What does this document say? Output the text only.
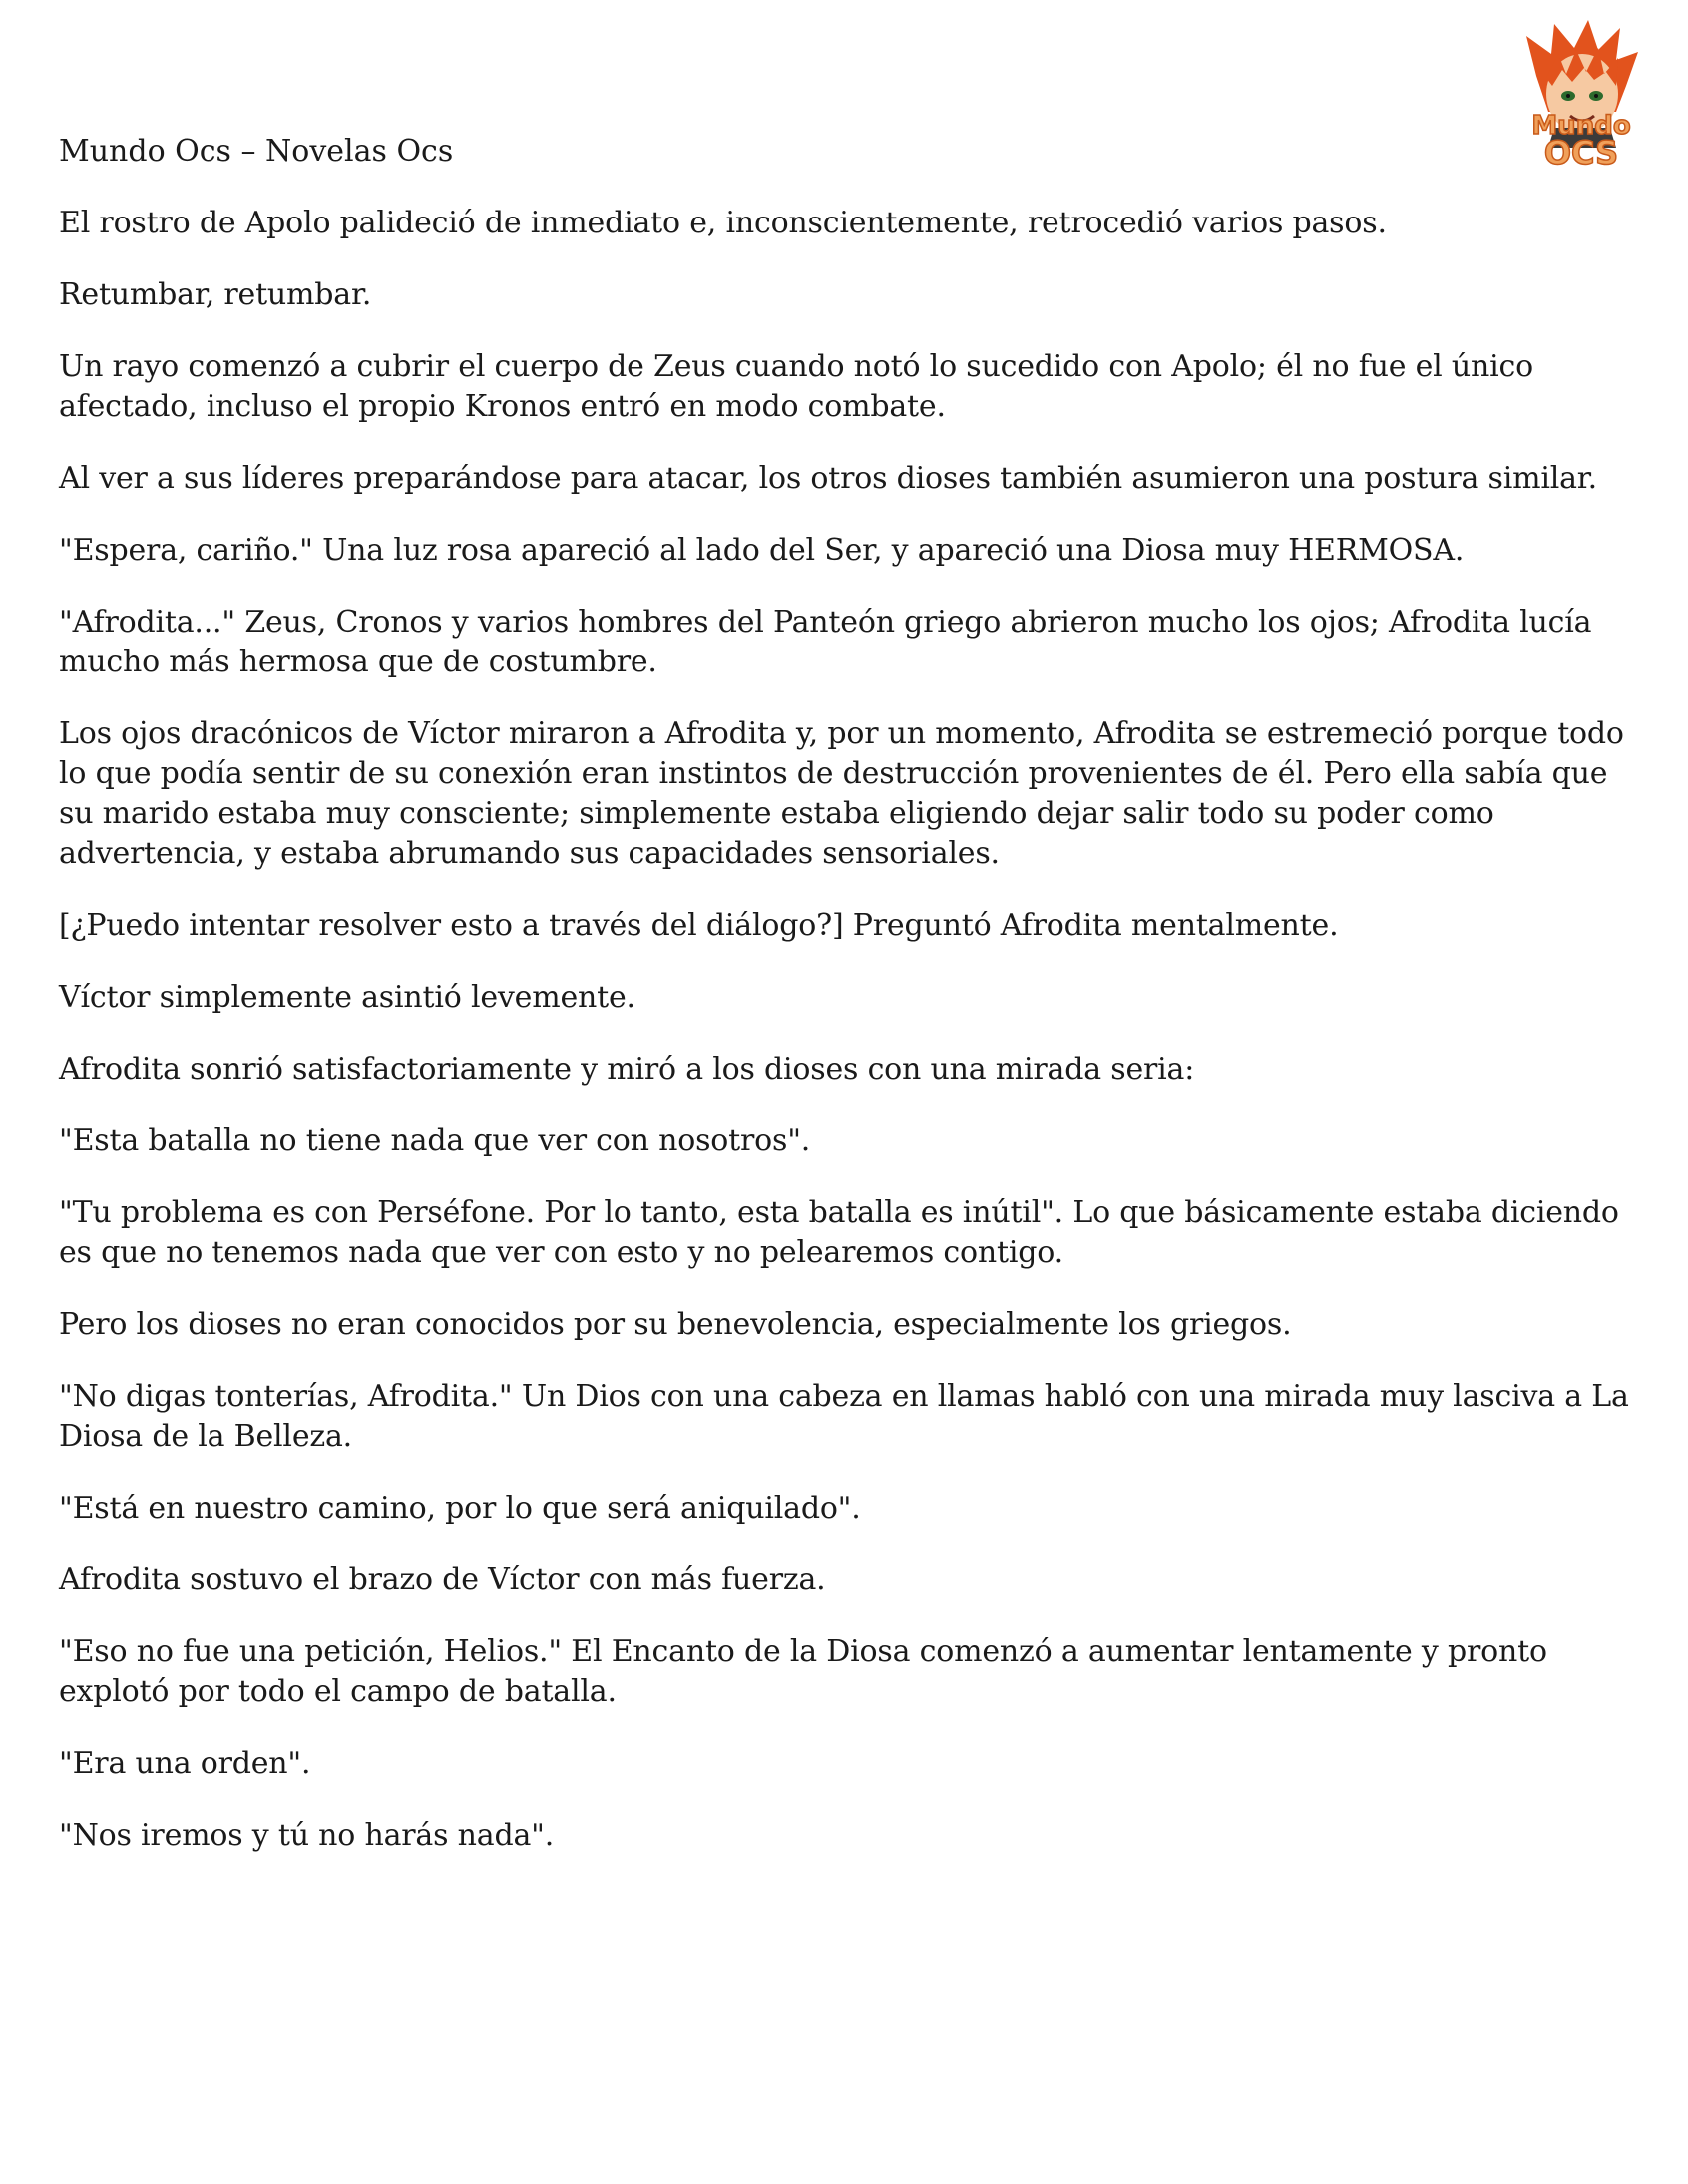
Mundo
OCS

Mundo Ocs – Novelas Ocs

El rostro de Apolo palideció de inmediato e, inconscientemente, retrocedió varios pasos.

Retumbar, retumbar.

Un rayo comenzó a cubrir el cuerpo de Zeus cuando notó lo sucedido con Apolo; él no fue el único afectado, incluso el propio Kronos entró en modo combate.

Al ver a sus líderes preparándose para atacar, los otros dioses también asumieron una postura similar.

"Espera, cariño." Una luz rosa apareció al lado del Ser, y apareció una Diosa muy HERMOSA.

"Afrodita..." Zeus, Cronos y varios hombres del Panteón griego abrieron mucho los ojos; Afrodita lucía mucho más hermosa que de costumbre.

Los ojos dracónicos de Víctor miraron a Afrodita y, por un momento, Afrodita se estremeció porque todo lo que podía sentir de su conexión eran instintos de destrucción provenientes de él. Pero ella sabía que su marido estaba muy consciente; simplemente estaba eligiendo dejar salir todo su poder como advertencia, y estaba abrumando sus capacidades sensoriales.

[¿Puedo intentar resolver esto a través del diálogo?] Preguntó Afrodita mentalmente.

Víctor simplemente asintió levemente.

Afrodita sonrió satisfactoriamente y miró a los dioses con una mirada seria:

"Esta batalla no tiene nada que ver con nosotros".

"Tu problema es con Perséfone. Por lo tanto, esta batalla es inútil". Lo que básicamente estaba diciendo es que no tenemos nada que ver con esto y no pelearemos contigo.

Pero los dioses no eran conocidos por su benevolencia, especialmente los griegos.

"No digas tonterías, Afrodita." Un Dios con una cabeza en llamas habló con una mirada muy lasciva a La Diosa de la Belleza.

"Está en nuestro camino, por lo que será aniquilado".

Afrodita sostuvo el brazo de Víctor con más fuerza.

"Eso no fue una petición, Helios." El Encanto de la Diosa comenzó a aumentar lentamente y pronto explotó por todo el campo de batalla.

"Era una orden".

"Nos iremos y tú no harás nada".
